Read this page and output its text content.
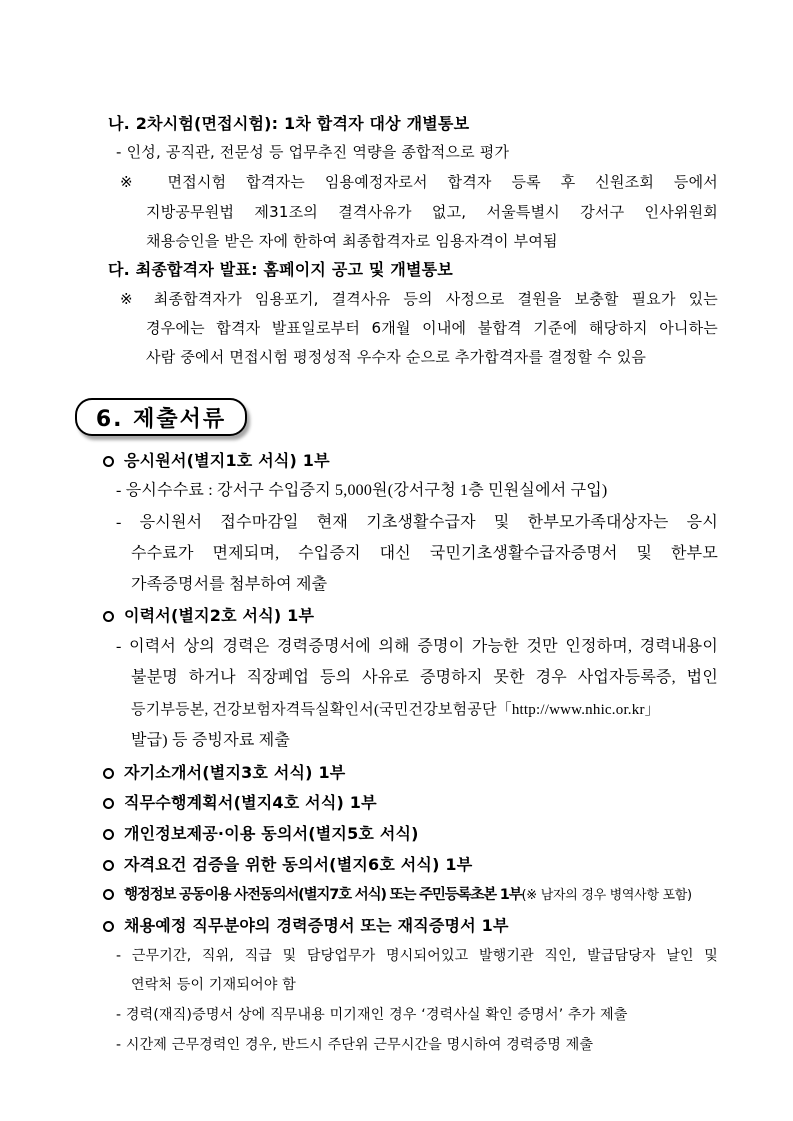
나. 2차시험(면접시험): 1차 합격자 대상 개별통보
- 인성, 공직관, 전문성 등 업무추진 역량을 종합적으로 평가
※ 면접시험 합격자는 임용예정자로서 합격자 등록 후 신원조회 등에서
지방공무원법 제31조의 결격사유가 없고, 서울특별시 강서구 인사위원회
채용승인을 받은 자에 한하여 최종합격자로 임용자격이 부여됨
다. 최종합격자 발표: 홈페이지 공고 및 개별통보
※ 최종합격자가 임용포기, 결격사유 등의 사정으로 결원을 보충할 필요가 있는
경우에는 합격자 발표일로부터 6개월 이내에 불합격 기준에 해당하지 아니하는
사람 중에서 면접시험 평정성적 우수자 순으로 추가합격자를 결정할 수 있음
6. 제출서류
응시원서(별지1호 서식) 1부
- 응시수수료 : 강서구 수입증지 5,000원(강서구청 1층 민원실에서 구입)
- 응시원서 접수마감일 현재 기초생활수급자 및 한부모가족대상자는 응시
수수료가 면제되며, 수입증지 대신 국민기초생활수급자증명서 및 한부모
가족증명서를 첨부하여 제출
이력서(별지2호 서식) 1부
- 이력서 상의 경력은 경력증명서에 의해 증명이 가능한 것만 인정하며, 경력내용이
불분명 하거나 직장폐업 등의 사유로 증명하지 못한 경우 사업자등록증, 법인
등기부등본, 건강보험자격득실확인서(국민건강보험공단「http://www.nhic.or.kr」
발급) 등 증빙자료 제출
자기소개서(별지3호 서식) 1부
직무수행계획서(별지4호 서식) 1부
개인정보제공·이용 동의서(별지5호 서식)
자격요건 검증을 위한 동의서(별지6호 서식) 1부
행정정보 공동이용 사전동의서(별지7호 서식) 또는 주민등록초본 1부(※ 남자의 경우 병역사항 포함)
채용예정 직무분야의 경력증명서 또는 재직증명서 1부
- 근무기간, 직위, 직급 및 담당업무가 명시되어있고 발행기관 직인, 발급담당자 날인 및
연락처 등이 기재되어야 함
- 경력(재직)증명서 상에 직무내용 미기재인 경우 ‘경력사실 확인 증명서’ 추가 제출
- 시간제 근무경력인 경우, 반드시 주단위 근무시간을 명시하여 경력증명 제출
